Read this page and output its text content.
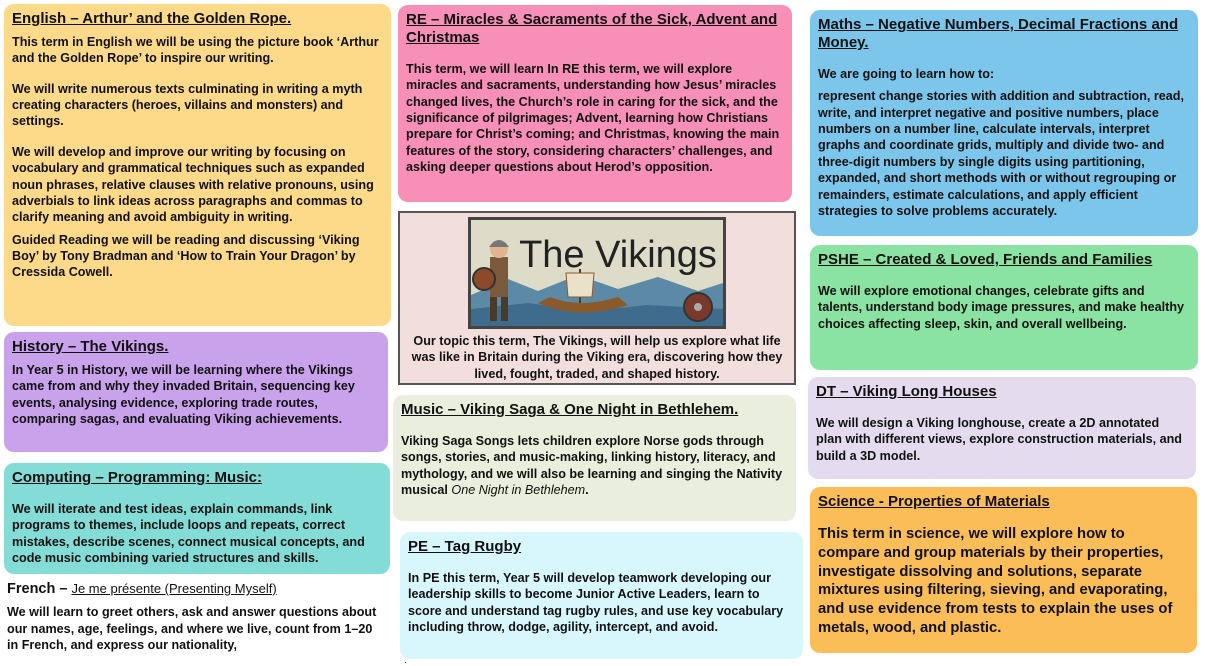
English – Arthur’ and the Golden Rope.

This term in English we will be using the picture book ‘Arthur and the Golden Rope’ to inspire our writing.

We will write numerous texts culminating in writing a myth creating characters (heroes, villains and monsters) and settings.

We will develop and improve our writing by focusing on vocabulary and grammatical techniques such as expanded noun phrases, relative clauses with relative pronouns, using adverbials to link ideas across paragraphs and commas to clarify meaning and avoid ambiguity in writing.

Guided Reading we will be reading and discussing ‘Viking Boy’ by Tony Bradman and ‘How to Train Your Dragon’ by Cressida Cowell.

RE – Miracles & Sacraments of the Sick, Advent and Christmas

This term, we will learn In RE this term, we will explore miracles and sacraments, understanding how Jesus’ miracles changed lives, the Church’s role in caring for the sick, and the significance of pilgrimages; Advent, learning how Christians prepare for Christ’s coming; and Christmas, knowing the main features of the story, considering characters’ challenges, and asking deeper questions about Herod’s opposition.

Maths – Negative Numbers, Decimal Fractions and Money.

We are going to learn how to:

represent change stories with addition and subtraction, read, write, and interpret negative and positive numbers, place numbers on a number line, calculate intervals, interpret graphs and coordinate grids, multiply and divide two- and three-digit numbers by single digits using partitioning, expanded, and short methods with or without regrouping or remainders, estimate calculations, and apply efficient strategies to solve problems accurately.

The Vikings

Our topic this term, The Vikings, will help us explore what life was like in Britain during the Viking era, discovering how they lived, fought, traded, and shaped history.

History – The Vikings.

In Year 5 in History, we will be learning where the Vikings came from and why they invaded Britain, sequencing key events, analysing evidence, exploring trade routes, comparing sagas, and evaluating Viking achievements.

PSHE – Created & Loved, Friends and Families

We will explore emotional changes, celebrate gifts and talents, understand body image pressures, and make healthy choices affecting sleep, skin, and overall wellbeing.

Music – Viking Saga & One Night in Bethlehem.

Viking Saga Songs lets children explore Norse gods through songs, stories, and music-making, linking history, literacy, and mythology, and we will also be learning and singing the Nativity musical One Night in Bethlehem.

DT – Viking Long Houses

We will design a Viking longhouse, create a 2D annotated plan with different views, explore construction materials, and build a 3D model.

Computing – Programming: Music:

We will iterate and test ideas, explain commands, link programs to themes, include loops and repeats, correct mistakes, describe scenes, connect musical concepts, and code music combining varied structures and skills.

Science - Properties of Materials

This term in science, we will explore how to compare and group materials by their properties, investigate dissolving and solutions, separate mixtures using filtering, sieving, and evaporating, and use evidence from tests to explain the uses of metals, wood, and plastic.

PE – Tag Rugby

In PE this term, Year 5 will develop teamwork developing our leadership skills to become Junior Active Leaders, learn to score and understand tag rugby rules, and use key vocabulary including throw, dodge, agility, intercept, and avoid.

French – Je me présente (Presenting Myself)

We will learn to greet others, ask and answer questions about our names, age, feelings, and where we live, count from 1–20 in French, and express our nationality,

.
